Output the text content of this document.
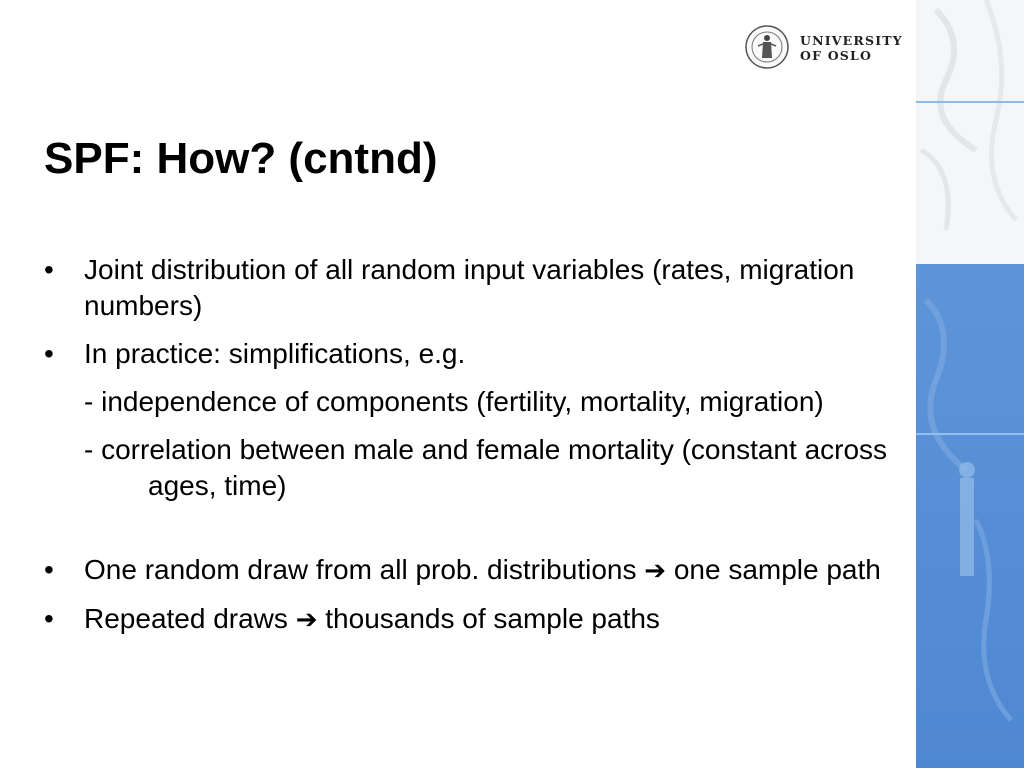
UNIVERSITY
OF OSLO
SPF: How? (cntnd)
• Joint distribution of all random input variables (rates, migration numbers)
• In practice: simplifications, e.g.
- independence of components (fertility, mortality, migration)
- correlation between male and female mortality (constant across ages, time)
• One random draw from all prob. distributions ➔ one sample path
• Repeated draws ➔ thousands of sample paths
